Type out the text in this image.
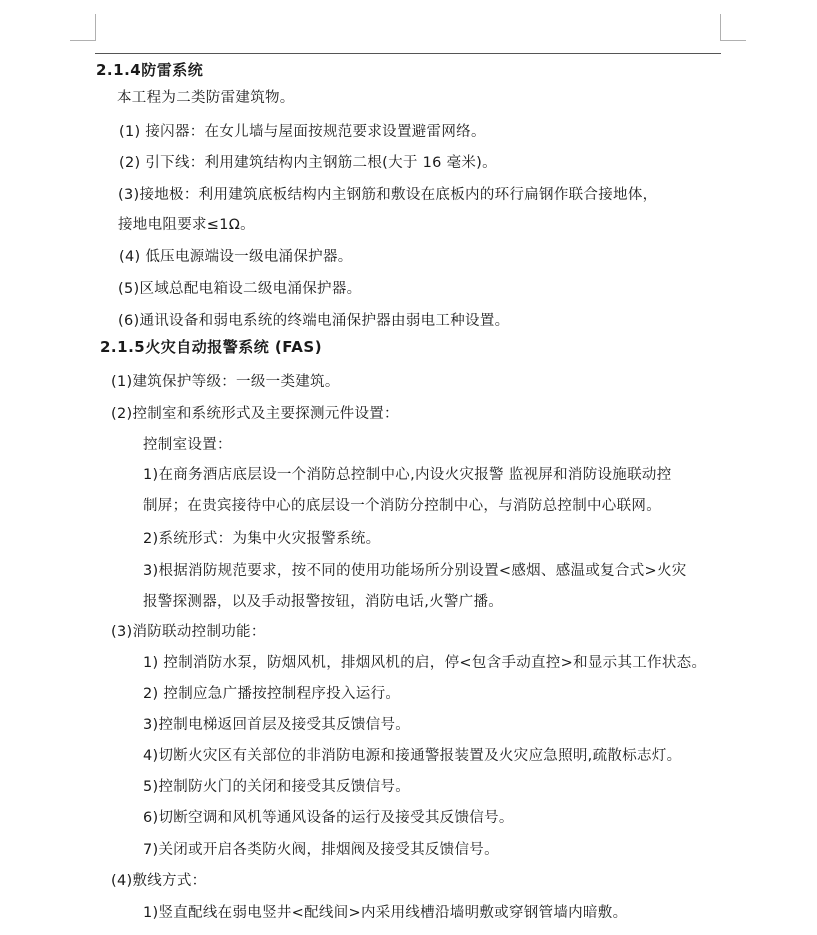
2.1.4防雷系统
本工程为二类防雷建筑物。
(1) 接闪器：在女儿墙与屋面按规范要求设置避雷网络。
(2) 引下线：利用建筑结构内主钢筋二根(大于 16 毫米)。
(3)接地极：利用建筑底板结构内主钢筋和敷设在底板内的环行扁钢作联合接地体，
接地电阻要求≤1Ω。
(4) 低压电源端设一级电涌保护器。
(5)区域总配电箱设二级电涌保护器。
(6)通讯设备和弱电系统的终端电涌保护器由弱电工种设置。
2.1.5火灾自动报警系统 (FAS)
(1)建筑保护等级：一级一类建筑。
(2)控制室和系统形式及主要探测元件设置：
控制室设置：
1)在商务酒店底层设一个消防总控制中心,内设火灾报警 监视屏和消防设施联动控
制屏；在贵宾接待中心的底层设一个消防分控制中心，与消防总控制中心联网。
2)系统形式：为集中火灾报警系统。
3)根据消防规范要求，按不同的使用功能场所分别设置<感烟、感温或复合式>火灾
报警探测器，以及手动报警按钮，消防电话,火警广播。
(3)消防联动控制功能：
1) 控制消防水泵，防烟风机，排烟风机的启，停<包含手动直控>和显示其工作状态。
2) 控制应急广播按控制程序投入运行。
3)控制电梯返回首层及接受其反馈信号。
4)切断火灾区有关部位的非消防电源和接通警报装置及火灾应急照明,疏散标志灯。
5)控制防火门的关闭和接受其反馈信号。
6)切断空调和风机等通风设备的运行及接受其反馈信号。
7)关闭或开启各类防火阀，排烟阀及接受其反馈信号。
(4)敷线方式：
1)竖直配线在弱电竖井<配线间>内采用线槽沿墙明敷或穿钢管墙内暗敷。
